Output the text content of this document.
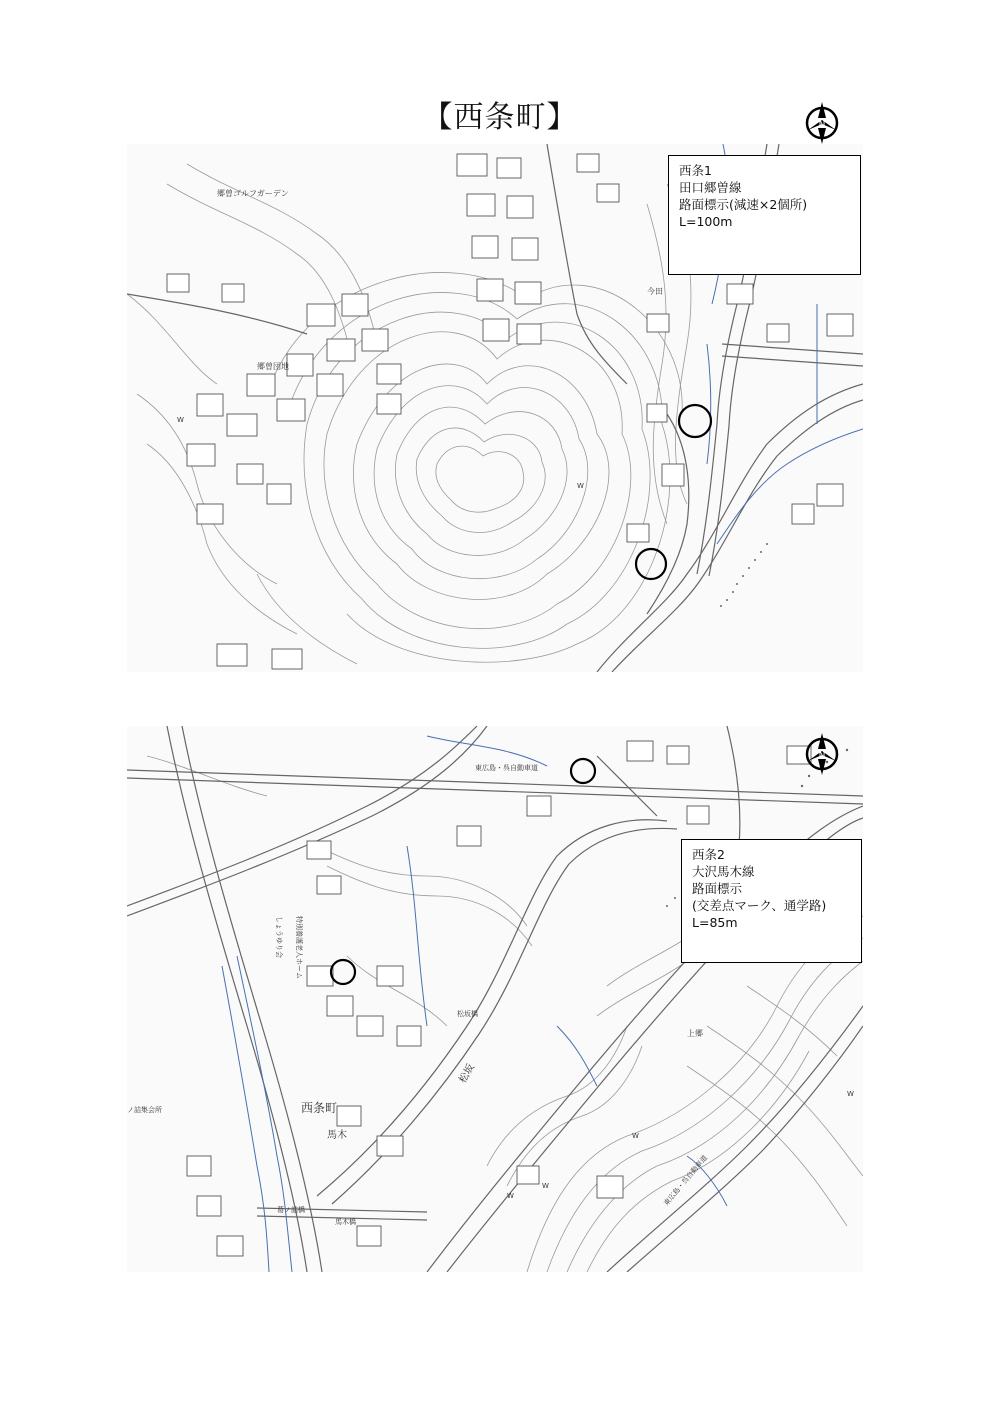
【西条町】	N
郷曽ゴルフガーデン
郷曽団地
今田
W
W
西条1
田口郷曽線
路面標示(減速×2個所)
L=100m
東広島・呉自動車道
西条町
馬木
上郷
松坂橋
松坂
葛ノ詰橋
馬木橋
ノ詰集会所
しょうゆり会 特別養護老人ホーム
東広島・呉自動車道
W
W
W
W
N
西条2
大沢馬木線
路面標示
(交差点マーク、通学路)
L=85m
